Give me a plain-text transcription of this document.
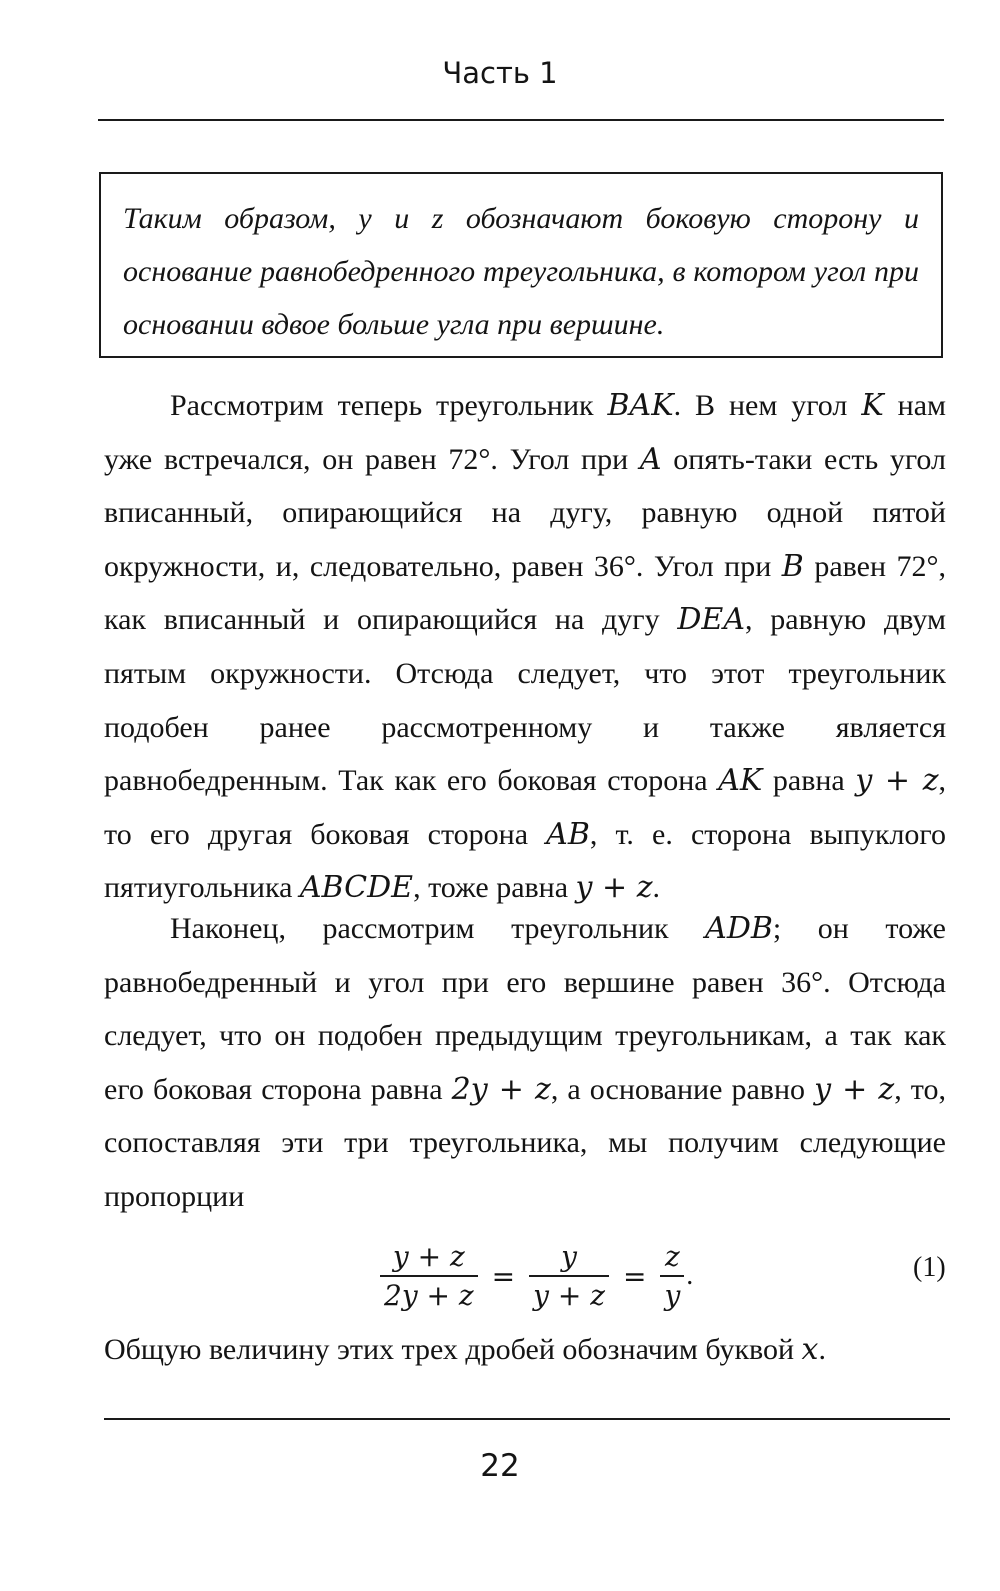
Часть 1
Таким образом, y и z обозначают боковую сторону и основание равнобедренного треугольника, в котором угол при основании вдвое больше угла при вершине.

Рассмотрим теперь треугольник BAK. В нем угол K нам уже встречался, он равен 72°. Угол при A опять-таки есть угол вписанный, опирающийся на дугу, равную одной пятой окружности, и, следовательно, равен 36°. Угол при B равен 72°, как вписанный и опирающийся на дугу DEA, равную двум пятым окружности. Отсюда следует, что этот треугольник подобен ранее рассмотренному и также является равнобедренным. Так как его боковая сторона AK равна y + z, то его другая боковая сторона AB, т. е. сторона выпуклого пятиугольника ABCDE, тоже равна y + z.

Наконец, рассмотрим треугольник ADB; он тоже равнобедренный и угол при его вершине равен 36°. Отсюда следует, что он подобен предыдущим треугольникам, а так как его боковая сторона равна 2y + z, а основание равно y + z, то, сопоставляя эти три треугольника, мы получим следующие пропорции

$\frac{y + z}{2y + z} = \frac{y}{y + z} = \frac{z}{y}$ .	(1)

Общую величину этих трех дробей обозначим буквой x.

22
